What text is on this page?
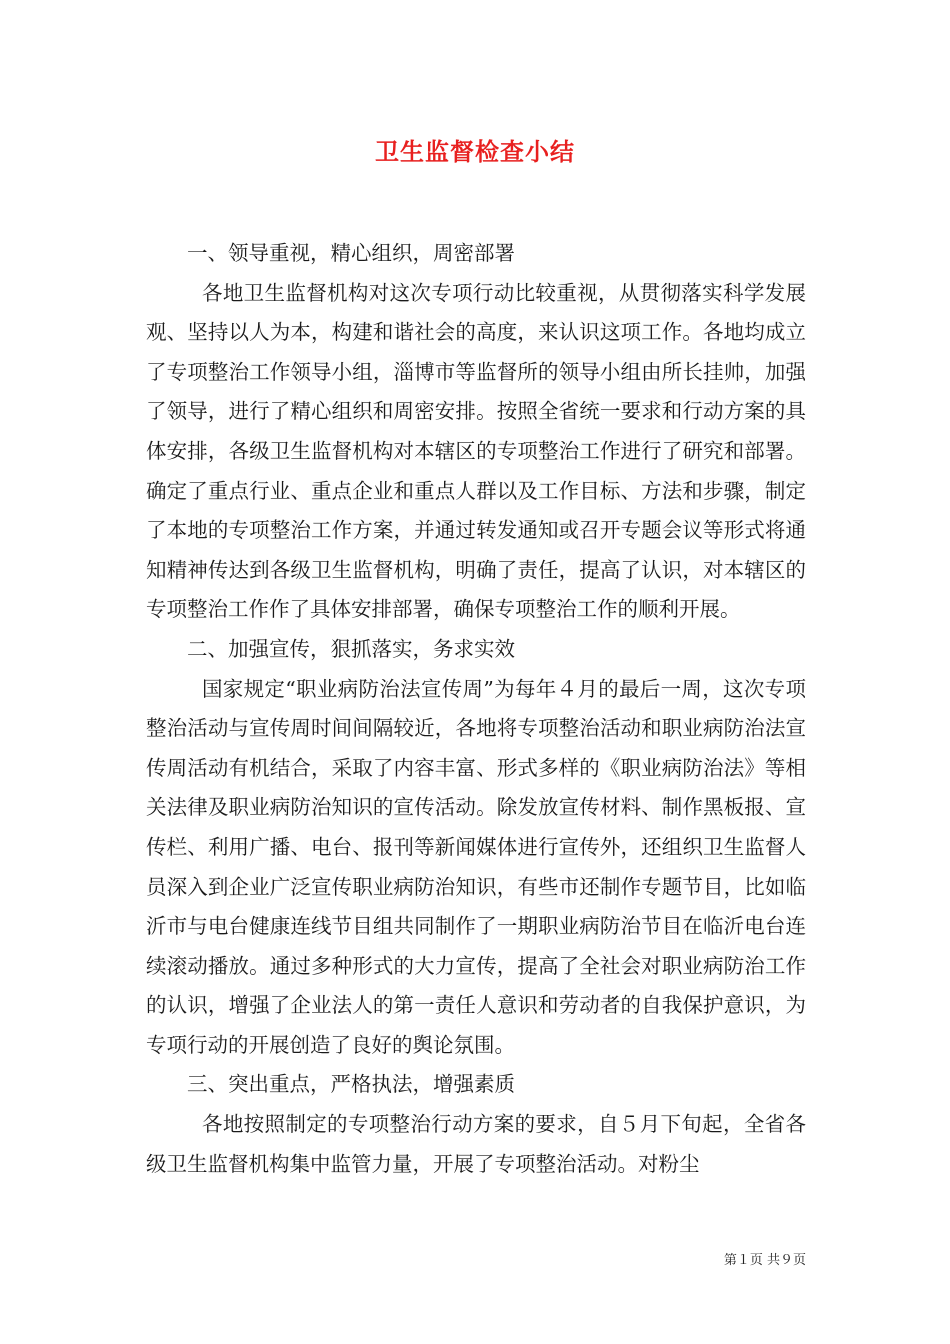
卫生监督检查小结

一、领导重视，精心组织，周密部署

各地卫生监督机构对这次专项行动比较重视，从贯彻落实科学发展观、坚持以人为本，构建和谐社会的高度，来认识这项工作。各地均成立了专项整治工作领导小组，淄博市等监督所的领导小组由所长挂帅，加强了领导，进行了精心组织和周密安排。按照全省统一要求和行动方案的具体安排，各级卫生监督机构对本辖区的专项整治工作进行了研究和部署。确定了重点行业、重点企业和重点人群以及工作目标、方法和步骤，制定了本地的专项整治工作方案，并通过转发通知或召开专题会议等形式将通知精神传达到各级卫生监督机构，明确了责任，提高了认识，对本辖区的专项整治工作作了具体安排部署，确保专项整治工作的顺利开展。

二、加强宣传，狠抓落实，务求实效

国家规定“职业病防治法宣传周”为每年４月的最后一周，这次专项整治活动与宣传周时间间隔较近，各地将专项整治活动和职业病防治法宣传周活动有机结合，采取了内容丰富、形式多样的《职业病防治法》等相关法律及职业病防治知识的宣传活动。除发放宣传材料、制作黑板报、宣传栏、利用广播、电台、报刊等新闻媒体进行宣传外，还组织卫生监督人员深入到企业广泛宣传职业病防治知识，有些市还制作专题节目，比如临沂市与电台健康连线节目组共同制作了一期职业病防治节目在临沂电台连续滚动播放。通过多种形式的大力宣传，提高了全社会对职业病防治工作的认识，增强了企业法人的第一责任人意识和劳动者的自我保护意识，为专项行动的开展创造了良好的舆论氛围。

三、突出重点，严格执法，增强素质

各地按照制定的专项整治行动方案的要求，自５月下旬起，全省各级卫生监督机构集中监管力量，开展了专项整治活动。对粉尘

第１页 共９页
